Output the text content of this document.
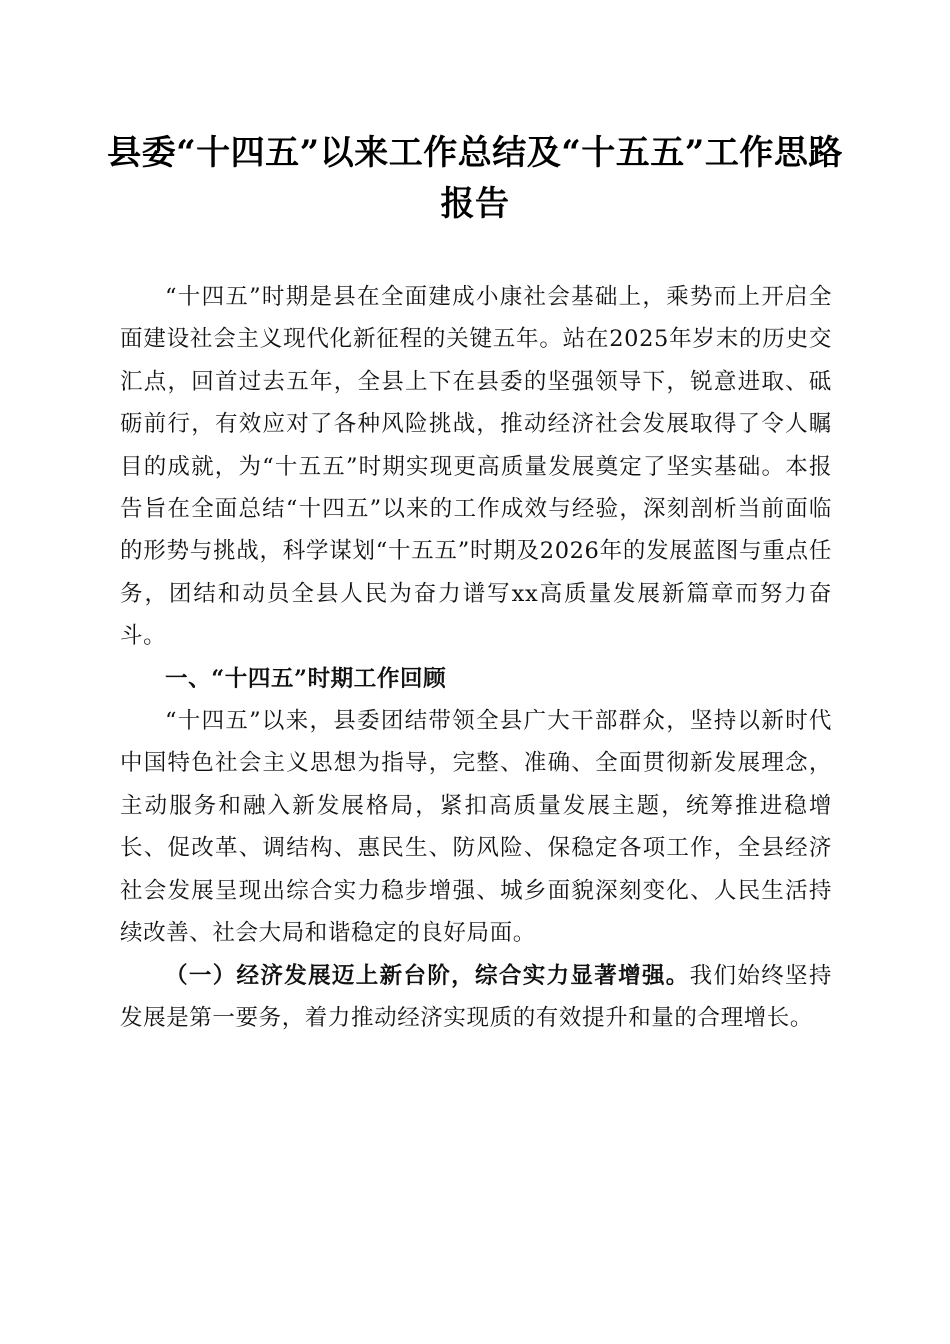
县委“十四五”以来工作总结及“十五五”工作思路报告

“十四五”时期是县在全面建成小康社会基础上，乘势而上开启全面建设社会主义现代化新征程的关键五年。站在2025年岁末的历史交汇点，回首过去五年，全县上下在县委的坚强领导下，锐意进取、砥砺前行，有效应对了各种风险挑战，推动经济社会发展取得了令人瞩目的成就，为“十五五”时期实现更高质量发展奠定了坚实基础。本报告旨在全面总结“十四五”以来的工作成效与经验，深刻剖析当前面临的形势与挑战，科学谋划“十五五”时期及2026年的发展蓝图与重点任务，团结和动员全县人民为奋力谱写xx高质量发展新篇章而努力奋斗。

一、“十四五”时期工作回顾

“十四五”以来，县委团结带领全县广大干部群众，坚持以新时代中国特色社会主义思想为指导，完整、准确、全面贯彻新发展理念，主动服务和融入新发展格局，紧扣高质量发展主题，统筹推进稳增长、促改革、调结构、惠民生、防风险、保稳定各项工作，全县经济社会发展呈现出综合实力稳步增强、城乡面貌深刻变化、人民生活持续改善、社会大局和谐稳定的良好局面。

（一）经济发展迈上新台阶，综合实力显著增强。我们始终坚持发展是第一要务，着力推动经济实现质的有效提升和量的合理增长。
